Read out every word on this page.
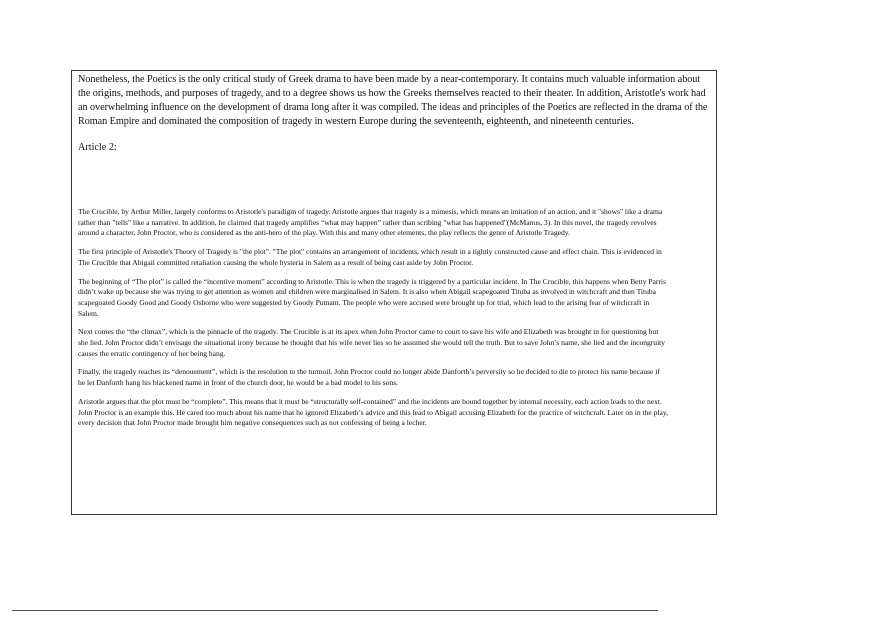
Nonetheless, the Poetics is the only critical study of Greek drama to have been made by a near-contemporary. It contains much valuable information about the origins, methods, and purposes of tragedy, and to a degree shows us how the Greeks themselves reacted to their theater. In addition, Aristotle's work had an overwhelming influence on the development of drama long after it was compiled. The ideas and principles of the Poetics are reflected in the drama of the Roman Empire and dominated the composition of tragedy in western Europe during the seventeenth, eighteenth, and nineteenth centuries.

Article 2:

The Crucible, by Arthur Miller, largely conforms to Aristotle's paradigm of tragedy. Aristotle argues that tragedy is a mimesis, which means an imitation of an action, and it "shows" like a drama rather than "tells" like a narrative. In addition, he claimed that tragedy amplifies “what may happen” rather than scribing "what has happened"(McManus, 3). In this novel, the tragedy revolves around a character, John Proctor, who is considered as the anti-hero of the play. With this and many other elements, the play reflects the genre of Aristotle Tragedy.

The first principle of Aristotle's Theory of Tragedy is "the plot". "The plot" contains an arrangement of incidents, which result in a tightly constructed cause and effect chain. This is evidenced in The Crucible that Abigail committed retaliation causing the whole hysteria in Salem as a result of being cast aside by John Proctor.

The beginning of “The plot” is called the “incentive moment” according to Aristotle. This is when the tragedy is triggered by a particular incident. In The Crucible, this happens when Betty Parris didn’t wake up because she was trying to get attention as women and children were marginalised in Salem. It is also when Abigail scapegoated Tituba as involved in witchcraft and then Tituba scapegoated Goody Good and Goody Osborne who were suggested by Goody Putnam. The people who were accused were brought up for trial, which lead to the arising fear of witchcraft in Salem.

Next comes the “the climax”, which is the pinnacle of the tragedy. The Crucible is at its apex when John Proctor came to court to save his wife and Elizabeth was brought in for questioning but she lied. John Proctor didn’t envisage the situational irony because he thought that his wife never lies so he assumed she would tell the truth. But to save John’s name, she lied and the incongruity causes the erratic contingency of her being hang.

Finally, the tragedy reaches its “denouement”, which is the resolution to the turmoil. John Proctor could no longer abide Danforth’s perversity so he decided to die to protect his name because if he let Danforth hang his blackened name in front of the church door, he would be a bad model to his sons.

Aristotle argues that the plot must be “complete”. This means that it must be “structurally self-contained” and the incidents are bound together by internal necessity, each action leads to the next. John Proctor is an example this. He cared too much about his name that he ignored Elizabeth’s advice and this lead to Abigail accusing Elizabeth for the practice of witchcraft. Later on in the play, every decision that John Proctor made brought him negative consequences such as not confessing of being a lecher.
